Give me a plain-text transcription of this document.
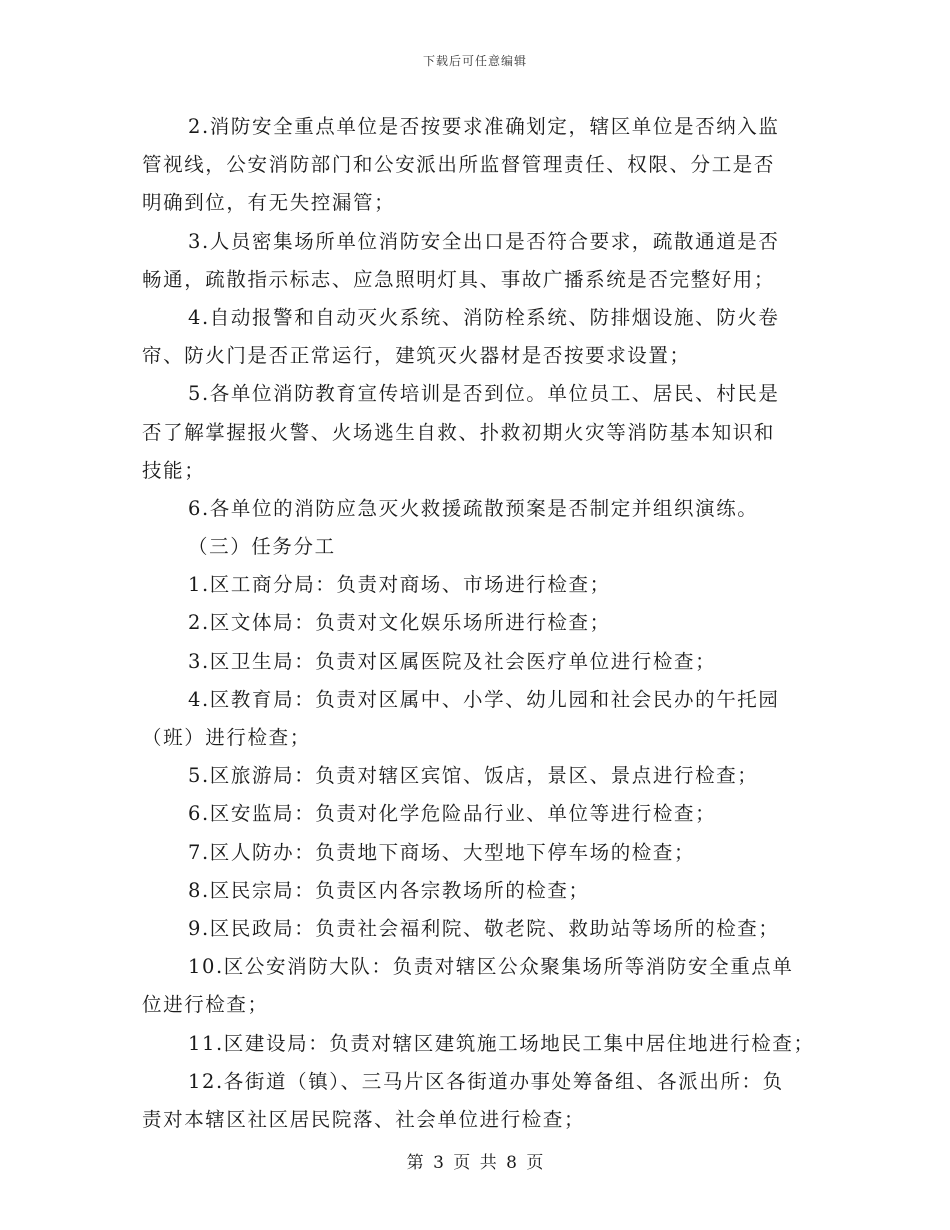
下载后可任意编辑
2.消防安全重点单位是否按要求准确划定，辖区单位是否纳入监
管视线，公安消防部门和公安派出所监督管理责任、权限、分工是否
明确到位，有无失控漏管；
3.人员密集场所单位消防安全出口是否符合要求，疏散通道是否
畅通，疏散指示标志、应急照明灯具、事故广播系统是否完整好用；
4.自动报警和自动灭火系统、消防栓系统、防排烟设施、防火卷
帘、防火门是否正常运行，建筑灭火器材是否按要求设置；
5.各单位消防教育宣传培训是否到位。单位员工、居民、村民是
否了解掌握报火警、火场逃生自救、扑救初期火灾等消防基本知识和
技能；
6.各单位的消防应急灭火救援疏散预案是否制定并组织演练。
（三）任务分工
1.区工商分局：负责对商场、市场进行检查；
2.区文体局：负责对文化娱乐场所进行检查；
3.区卫生局：负责对区属医院及社会医疗单位进行检查；
4.区教育局：负责对区属中、小学、幼儿园和社会民办的午托园
（班）进行检查；
5.区旅游局：负责对辖区宾馆、饭店，景区、景点进行检查；
6.区安监局：负责对化学危险品行业、单位等进行检查；
7.区人防办：负责地下商场、大型地下停车场的检查；
8.区民宗局：负责区内各宗教场所的检查；
9.区民政局：负责社会福利院、敬老院、救助站等场所的检查；
10.区公安消防大队：负责对辖区公众聚集场所等消防安全重点单
位进行检查；
11.区建设局：负责对辖区建筑施工场地民工集中居住地进行检查；
12.各街道（镇）、三马片区各街道办事处筹备组、各派出所：负
责对本辖区社区居民院落、社会单位进行检查；
第 3 页 共 8 页
